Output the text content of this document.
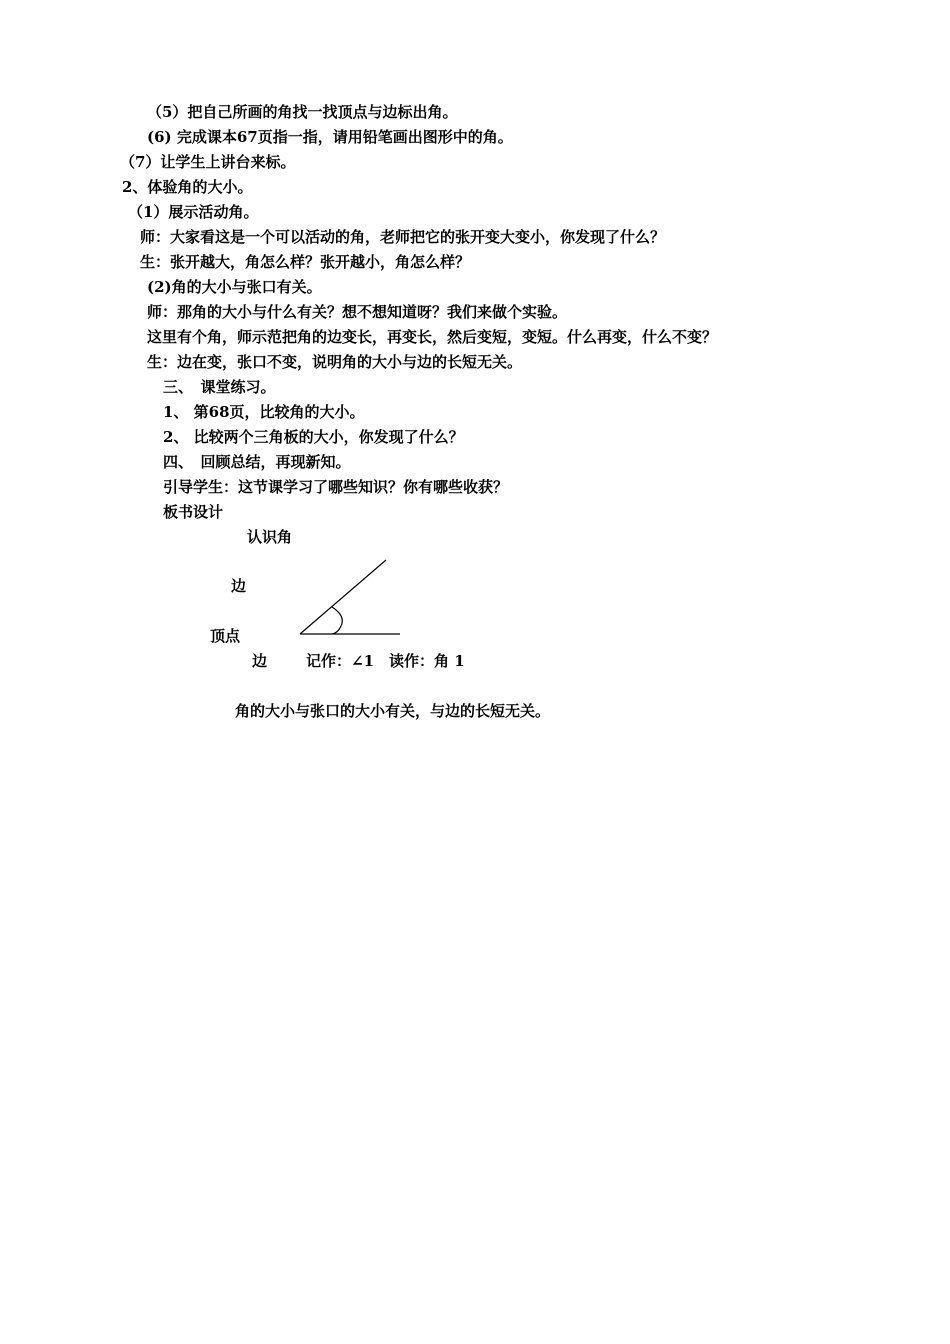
（5）把自己所画的角找一找顶点与边标出角。
(6) 完成课本67页指一指，请用铅笔画出图形中的角。
（7）让学生上讲台来标。
2、体验角的大小。
（1）展示活动角。
师：大家看这是一个可以活动的角，老师把它的张开变大变小，你发现了什么？
生：张开越大，角怎么样？张开越小，角怎么样？
(2)角的大小与张口有关。
师：那角的大小与什么有关？想不想知道呀？我们来做个实验。
这里有个角，师示范把角的边变长，再变长，然后变短，变短。什么再变，什么不变？
生：边在变，张口不变，说明角的大小与边的长短无关。
三、　课堂练习。
1、 第68页，比较角的大小。
2、 比较两个三角板的大小，你发现了什么？
四、　回顾总结，再现新知。
引导学生：这节课学习了哪些知识？你有哪些收获？
板书设计
认识角
边
顶点
边	记作：∠1　读作：角 1
角的大小与张口的大小有关，与边的长短无关。
